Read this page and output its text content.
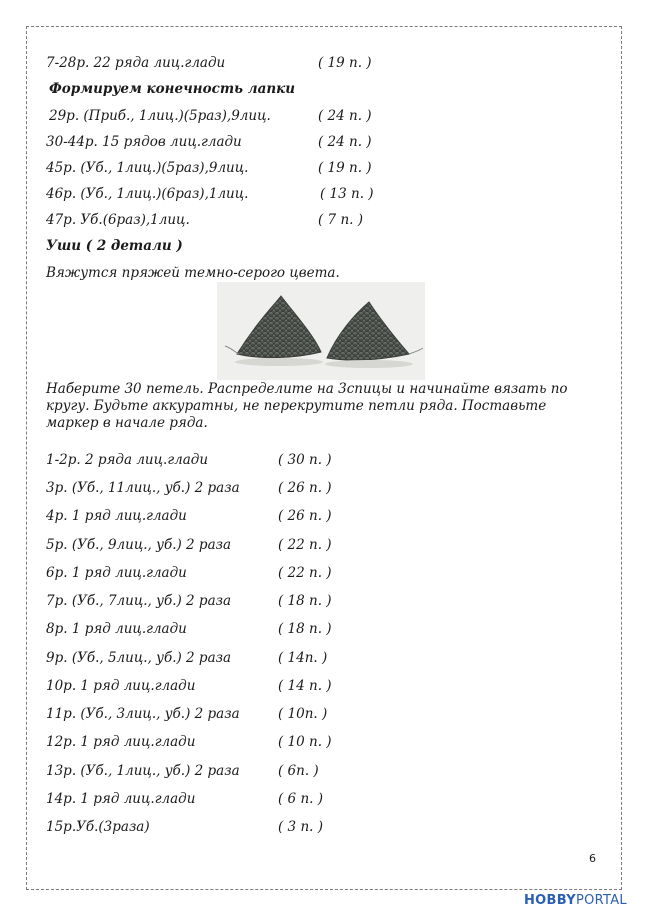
7-28р. 22 ряда лиц.глади	( 19 п. )
Формируем конечность лапки
29р. (Приб., 1лиц.)(5раз),9лиц.	( 24 п. )
30-44р. 15 рядов лиц.глади	( 24 п. )
45р. (Уб., 1лиц.)(5раз),9лиц.	( 19 п. )
46р. (Уб., 1лиц.)(6раз),1лиц.	( 13 п. )
47р. Уб.(6раз),1лиц.	( 7 п. )
Уши ( 2 детали )
Вяжутся пряжей темно-серого цвета.
Наберите 30 петель. Распределите на 3спицы и начинайте вязать по кругу. Будьте аккуратны, не перекрутите петли ряда. Поставьте маркер в начале ряда.
1-2р. 2 ряда лиц.глади	( 30 п. )
3р. (Уб., 11лиц., уб.) 2 раза	( 26 п. )
4р. 1 ряд лиц.глади	( 26 п. )
5р. (Уб., 9лиц., уб.) 2 раза	( 22 п. )
6р. 1 ряд лиц.глади	( 22 п. )
7р. (Уб., 7лиц., уб.) 2 раза	( 18 п. )
8р. 1 ряд лиц.глади	( 18 п. )
9р. (Уб., 5лиц., уб.) 2 раза	( 14п. )
10р. 1 ряд лиц.глади	( 14 п. )
11р. (Уб., 3лиц., уб.) 2 раза	( 10п. )
12р. 1 ряд лиц.глади	( 10 п. )
13р. (Уб., 1лиц., уб.) 2 раза	( 6п. )
14р. 1 ряд лиц.глади	( 6 п. )
15р.Уб.(3раза)	( 3 п. )
6
HOBBYPORTAL
